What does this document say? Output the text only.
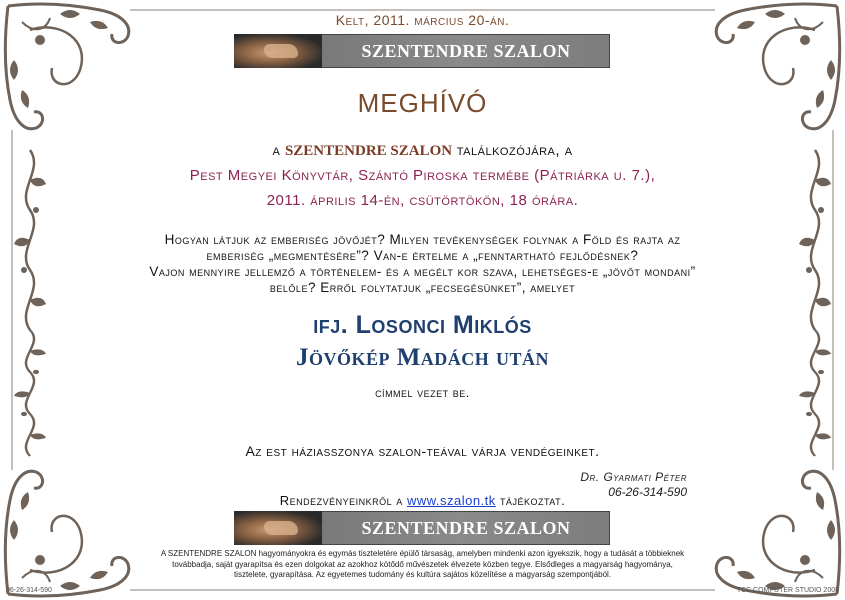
Kelt, 2011. március 20-án.
SZENTENDRE SZALON
MEGHÍVÓ
a SZENTENDRE SZALON találkozójára, a
Pest Megyei Könyvtár, Szántó Piroska termébe (Pátriárka u. 7.),
2011. április 14-én, csütörtökön, 18 órára.
Hogyan látjuk az emberiség jövőjét? Milyen tevékenységek folynak a Föld és rajta az
emberiség „megmentésére”? Van-e értelme a „fenntartható fejlődésnek?
Vajon mennyire jellemző a történelem- és a megélt kor szava, lehetséges-e „jövőt mondani”
belőle? Erről folytatjuk „fecsegésünket”, amelyet
ifj. Losonci Miklós
Jövőkép Madách után
címmel vezet be.
Az est háziasszonya szalon-teával várja vendégeinket.
Dr. Gyarmati Péter
06-26-314-590
Rendezvényeinkről a www.szalon.tk tájékoztat.
SZENTENDRE SZALON
A SZENTENDRE SZALON hagyományokra és egymás tiszteletére épülő társaság, amelyben mindenki azon igyekszik, hogy a tudását a többieknek
továbbadja, saját gyarapítsa és ezen dolgokat az azokhoz kötődő művészetek élvezete közben tegye. Elsődleges a magyarság hagyománya,
tisztelete, gyarapítása. Az egyetemes tudomány és kultúra sajátos közelítése a magyarság szempontjából.
06-26-314-590	TCC COMPUTER STUDIO 2008
